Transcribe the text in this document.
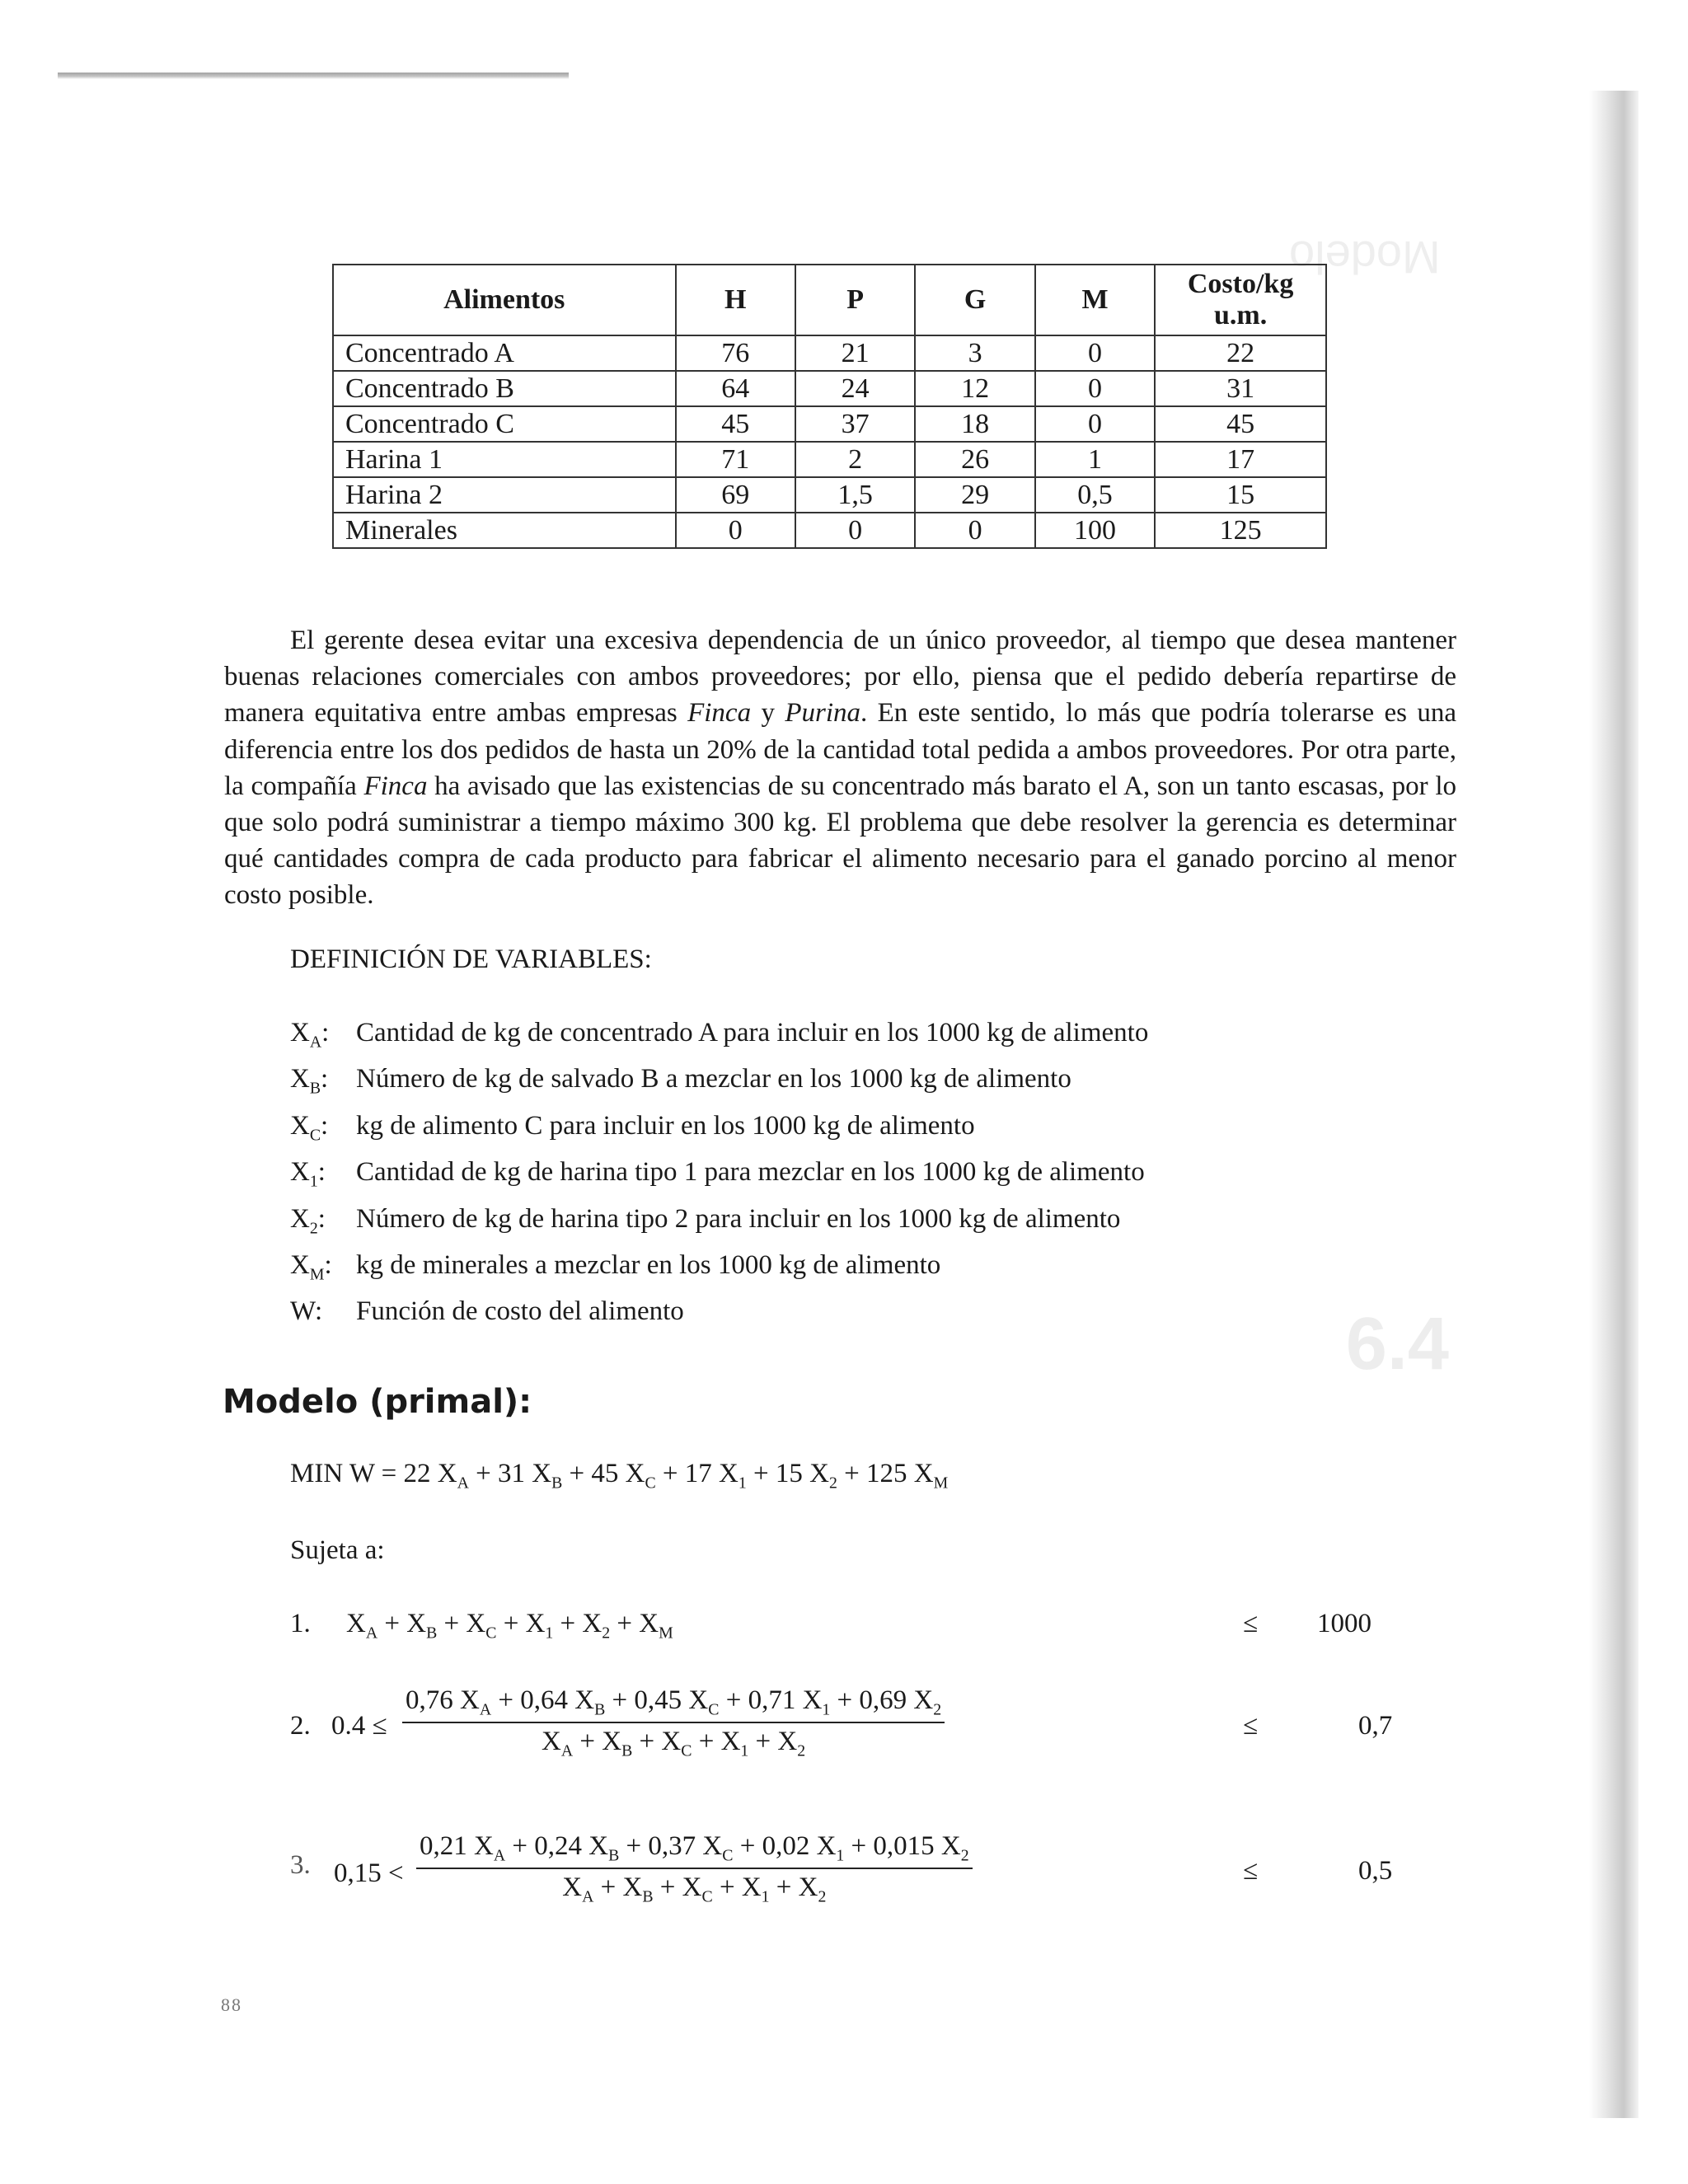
Modelo
6.4
Alimentos	H	P	G	M	Costo/kg u.m.
Concentrado A	76	21	3	0	22
Concentrado B	64	24	12	0	31
Concentrado C	45	37	18	0	45
Harina 1	71	2	26	1	17
Harina 2	69	1,5	29	0,5	15
Minerales	0	0	0	100	125

El gerente desea evitar una excesiva dependencia de un único proveedor, al tiempo que desea mantener buenas relaciones comerciales con ambos proveedores; por ello, piensa que el pedido debería repartirse de manera equitativa entre ambas empresas Finca y Purina. En este sentido, lo más que podría tolerarse es una diferencia entre los dos pedidos de hasta un 20% de la cantidad total pedida a ambos proveedores. Por otra parte, la compañía Finca ha avisado que las existencias de su concentrado más barato el A, son un tanto escasas, por lo que solo podrá suministrar a tiempo máximo 300 kg. El problema que debe resolver la gerencia es determinar qué cantidades compra de cada producto para fabricar el alimento necesario para el ganado porcino al menor costo posible.

DEFINICIÓN DE VARIABLES:
$X_A$: Cantidad de kg de concentrado A para incluir en los 1000 kg de alimento
$X_B$: Número de kg de salvado B a mezclar en los 1000 kg de alimento
$X_C$: kg de alimento C para incluir en los 1000 kg de alimento
$X_1$: Cantidad de kg de harina tipo 1 para mezclar en los 1000 kg de alimento
$X_2$: Número de kg de harina tipo 2 para incluir en los 1000 kg de alimento
$X_M$: kg de minerales a mezclar en los 1000 kg de alimento
W: Función de costo del alimento
Modelo (primal):
MIN W = 22 $X_A + 31$ $X_B + 45$ $X_C + 17$ $X_1 + 15$ $X_2 + 125$ $X_M$
Sujeta a:
1. $X_A + X_B + X_C + X_1 + X_2 + X_M$	≤ 1000
2. $0.4 \le \frac{0,76 X_A + 0,64 X_B + 0,45 X_C + 0,71 X_1 + 0,69 X_2}{X_A + X_B + X_C + X_1 + X_2}$	≤	0,7
3. $0,15 < \frac{0,21 X_A + 0,24 X_B + 0,37 X_C + 0,02 X_1 + 0,015 X_2}{X_A + X_B + X_C + X_1 + X_2}$	≤	0,5
88
